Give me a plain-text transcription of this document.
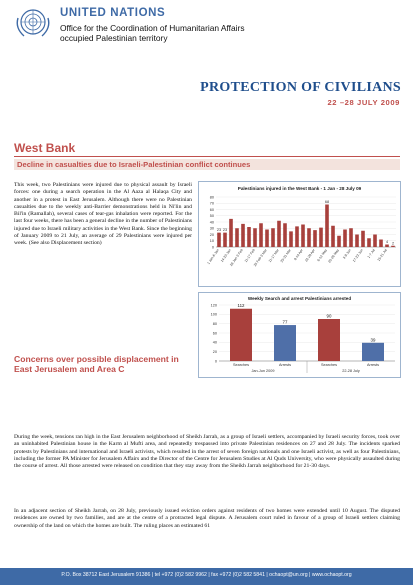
UNITED NATIONS
Office for the Coordination of Humanitarian Affairs
occupied Palestinian territory
PROTECTION OF CIVILIANS
22 –28 JULY 2009
West Bank
Decline in casualties due to Israeli-Palestinian conflict continues

This week, two Palestinians were injured due to physical assault by Israeli forces: one during a search operation in the Al Aaza al Halaqa City and another in a protest in East Jerusalem. Although there were no Palestinian casualties due to the weekly anti-Barrier demonstrations held in Ni'lin and Bil'in (Ramallah), several cases of tear-gas inhalation were reported. For the last four weeks, there has been a general decline in the number of Palestinians injured due to Israeli military activities in the West Bank. Since the beginning of January 2009 to 21 July, an average of 29 Palestinians were injured per week. (See also Displacement section)

Concerns over possible displacement in East Jerusalem and Area C
Palestinians injured in the West Bank - 1 Jan - 28 July 09
0
10
20
30
40
50
60
70
80
23 23
68
4 2
1 Jan-6 Jan 14-20 Jan
28 Jan-3 Feb 11-17 Feb
25 Feb-3 Mar 11-17 Mar 25-31 Mar 8-14 Apr 22-28 Apr 6-12 May 20-26 May 3-9 Jun 17-23 Jun 1-7 Jul 15-21 Jul
Weekly Search and arrest Palestinians arrested
0
20
40
60
80
100
120	112
Searches
77
Arrests
90
Searches
39
Arrests
Jan-Jun 2009	22-28 July
During the week, tensions ran high in the East Jerusalem neighborhood of Sheikh Jarrah, as a group of Israeli settlers, accompanied by Israeli security forces, took over an uninhabited Palestinian house in the Karm al Mufti area, and repeatedly trespassed into private Palestinian residences on 27 and 28 July. The incidents sparked protests by Palestinians and international and Israeli activists, which resulted in the arrest of seven foreign nationals and one Israeli activist, as well as four Palestinians, including the former PA Minister for Jerusalem Affairs and the Director of the Centre for Jerusalem Studies at Al Quds University, who were physically assaulted during the course of arrest. All those arrested were released on condition that they stay away from the Sheikh Jarrah neighborhood for 21-30 days.
In an adjacent section of Sheikh Jarrah, on 28 July, previously issued eviction orders against residents of two homes were extended until 10 August. The disputed residences are owned by two families, and are at the centre of a protracted legal dispute. A Jerusalem court ruled in favour of a group of Israeli settlers claiming ownership of the land on which the homes are built. The ruling places an estimated 61
P.O. Box 38712 East Jerusalem 91386 | tel +972 (0)2 582 9962 | fax +972 (0)2 582 5841 | ochaopt@un.org | www.ochaopt.org
